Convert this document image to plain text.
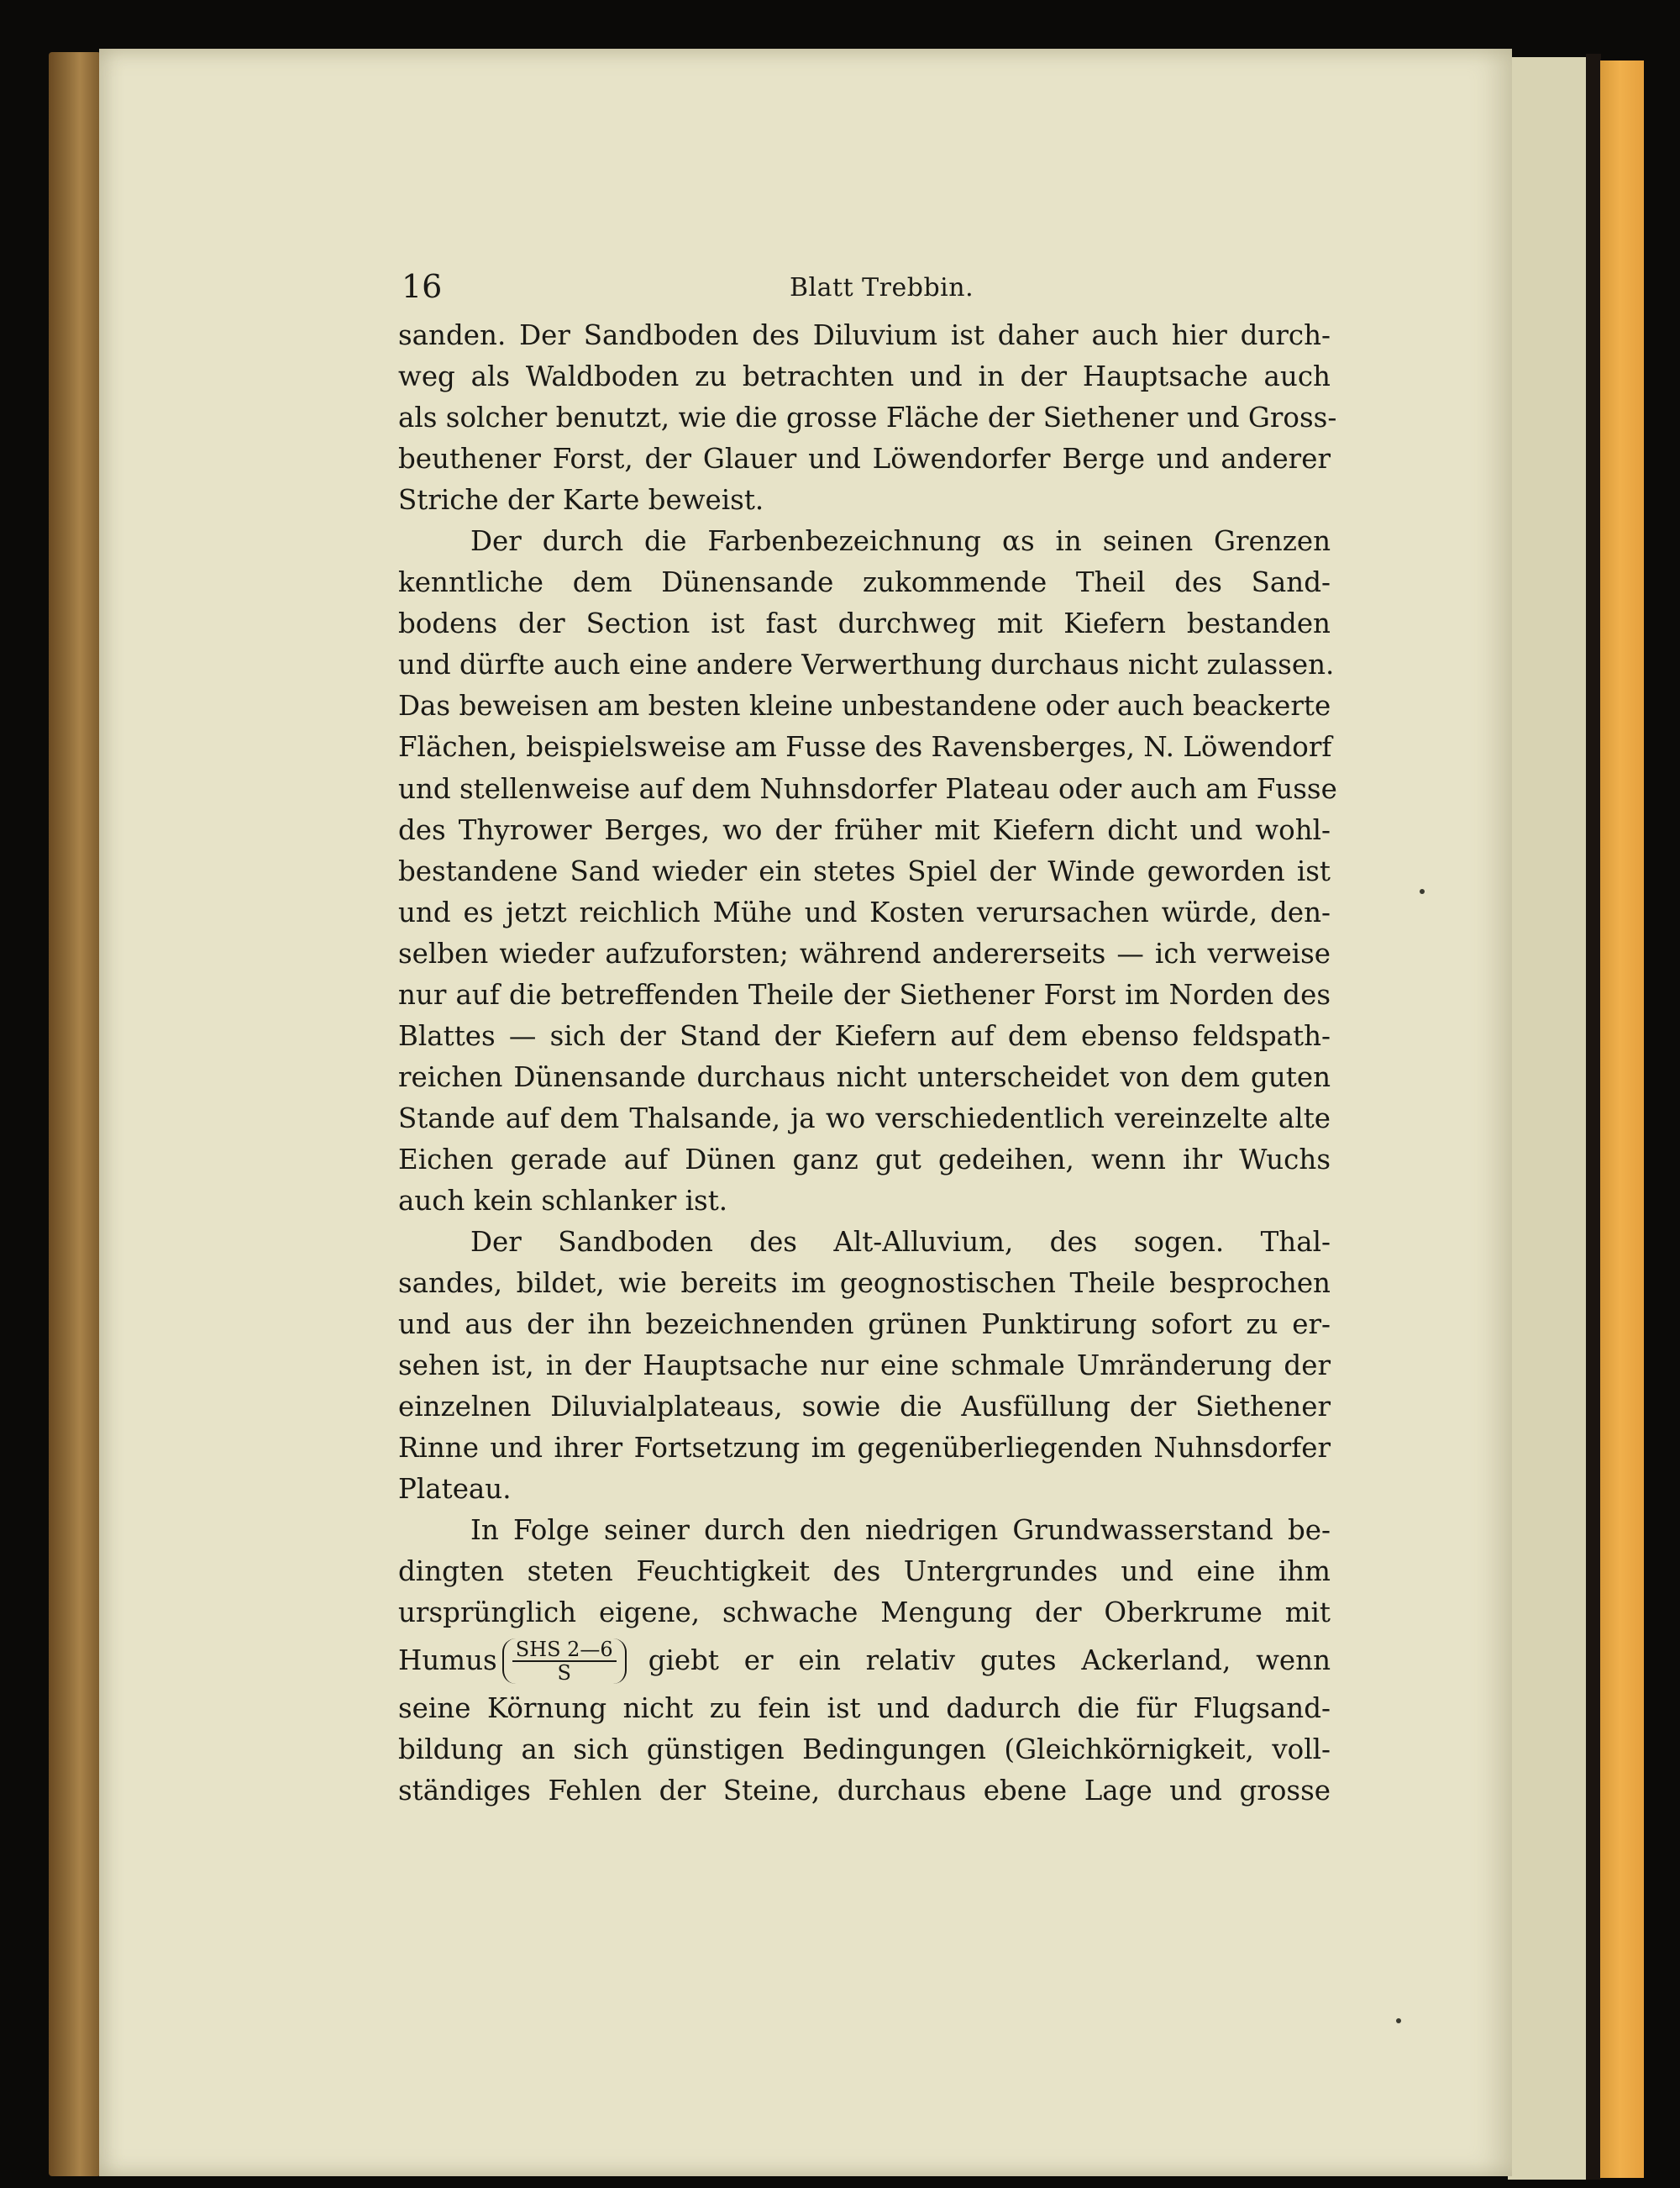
16	Blatt Trebbin.
sanden. Der Sandboden des Diluvium ist daher auch hier durch-
weg als Waldboden zu betrachten und in der Hauptsache auch
als solcher benutzt, wie die grosse Fläche der Siethener und Gross-
beuthener Forst, der Glauer und Löwendorfer Berge und anderer
Striche der Karte beweist.
Der durch die Farbenbezeichnung αs in seinen Grenzen
kenntliche dem Dünensande zukommende Theil des Sand-
bodens der Section ist fast durchweg mit Kiefern bestanden
und dürfte auch eine andere Verwerthung durchaus nicht zulassen.
Das beweisen am besten kleine unbestandene oder auch beackerte
Flächen, beispielsweise am Fusse des Ravensberges, N. Löwendorf
und stellenweise auf dem Nuhnsdorfer Plateau oder auch am Fusse
des Thyrower Berges, wo der früher mit Kiefern dicht und wohl-
bestandene Sand wieder ein stetes Spiel der Winde geworden ist
und es jetzt reichlich Mühe und Kosten verursachen würde, den-
selben wieder aufzuforsten; während andererseits — ich verweise
nur auf die betreffenden Theile der Siethener Forst im Norden des
Blattes — sich der Stand der Kiefern auf dem ebenso feldspath-
reichen Dünensande durchaus nicht unterscheidet von dem guten
Stande auf dem Thalsande, ja wo verschiedentlich vereinzelte alte
Eichen gerade auf Dünen ganz gut gedeihen, wenn ihr Wuchs
auch kein schlanker ist.
Der Sandboden des Alt-Alluvium, des sogen. Thal-
sandes, bildet, wie bereits im geognostischen Theile besprochen
und aus der ihn bezeichnenden grünen Punktirung sofort zu er-
sehen ist, in der Hauptsache nur eine schmale Umränderung der
einzelnen Diluvialplateaus, sowie die Ausfüllung der Siethener
Rinne und ihrer Fortsetzung im gegenüberliegenden Nuhnsdorfer
Plateau.
In Folge seiner durch den niedrigen Grundwasserstand be-
dingten steten Feuchtigkeit des Untergrundes und eine ihm
ursprünglich eigene, schwache Mengung der Oberkrume mit
Humus $\frac{\text{SHS 2—6}}{S}$ giebt er ein relativ gutes Ackerland, wenn
seine Körnung nicht zu fein ist und dadurch die für Flugsand-
bildung an sich günstigen Bedingungen (Gleichkörnigkeit, voll-
ständiges Fehlen der Steine, durchaus ebene Lage und grosse
